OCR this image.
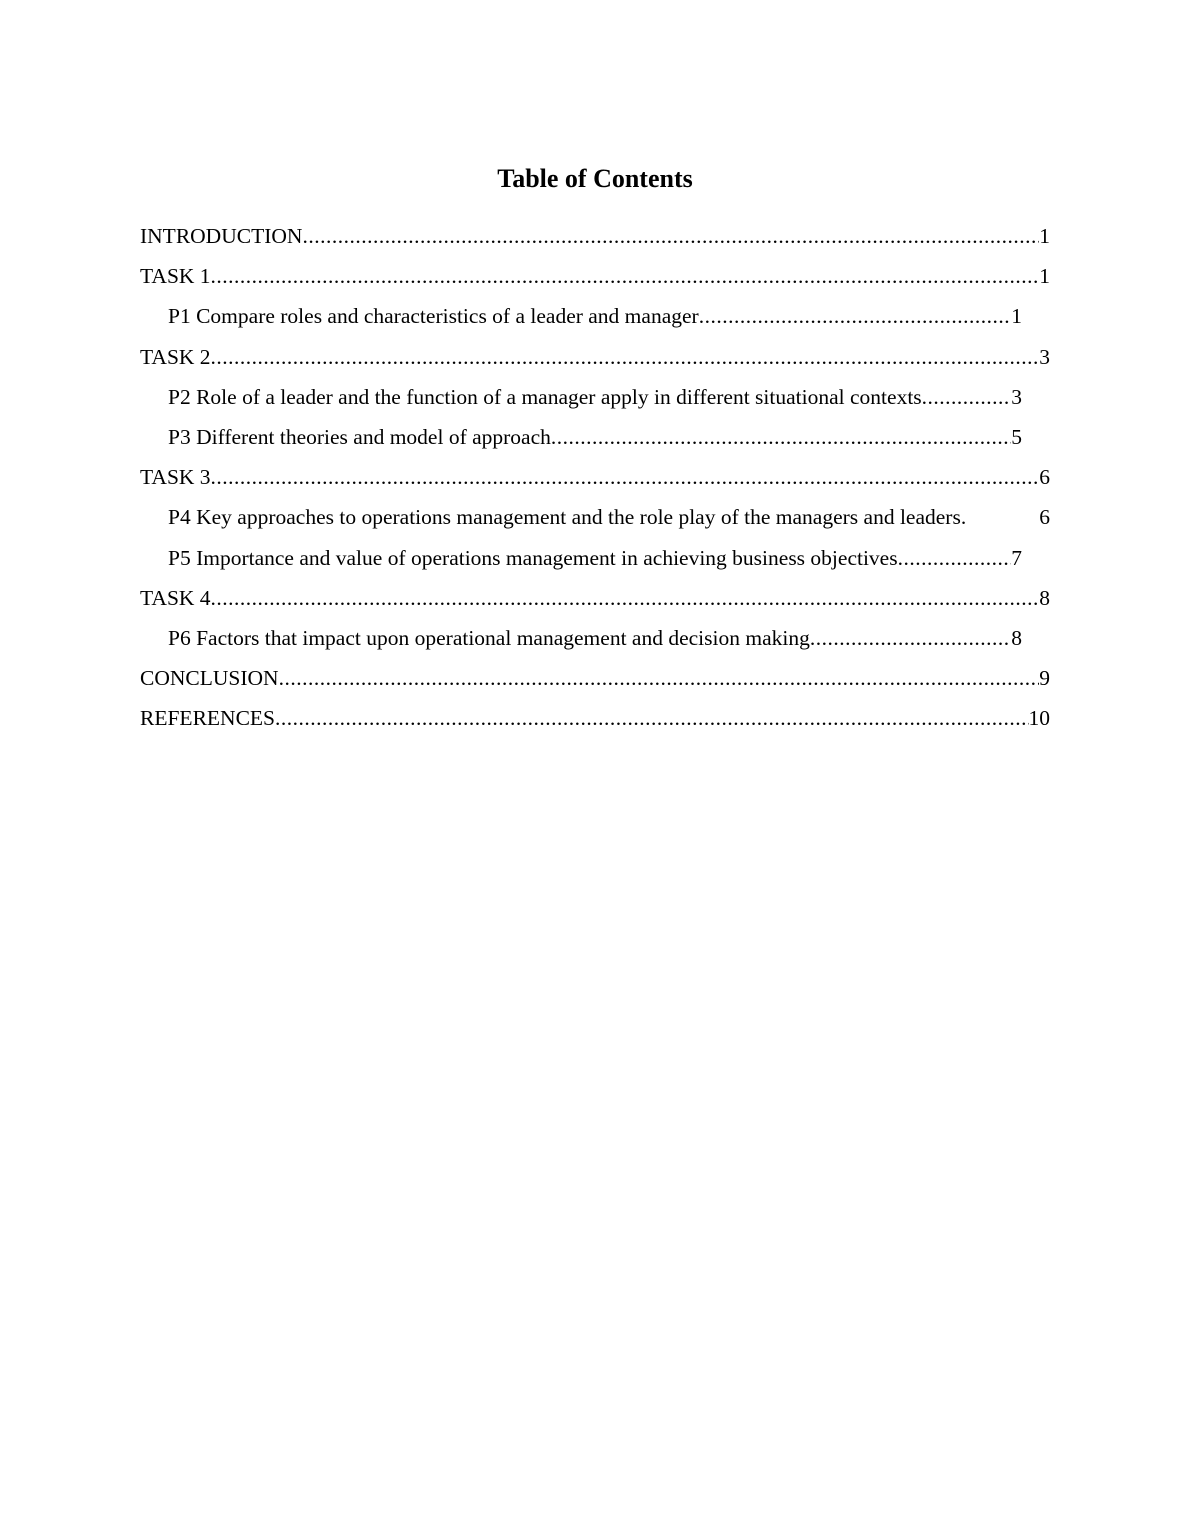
Table of Contents
INTRODUCTION .....	1
TASK 1 .....	1
P1 Compare roles and characteristics of a leader and manager .....	1
TASK 2 .....	3
P2 Role of a leader and the function of a manager apply in different situational contexts .....	3
P3 Different theories and model of approach .....	5
TASK 3 .....	6
P4 Key approaches to operations management and the role play of the managers and leaders.	6
P5 Importance and value of operations management in achieving business objectives .....	7
TASK 4 .....	8
P6 Factors that impact upon operational management and decision making .....	8
CONCLUSION .....	9
REFERENCES .....	10
